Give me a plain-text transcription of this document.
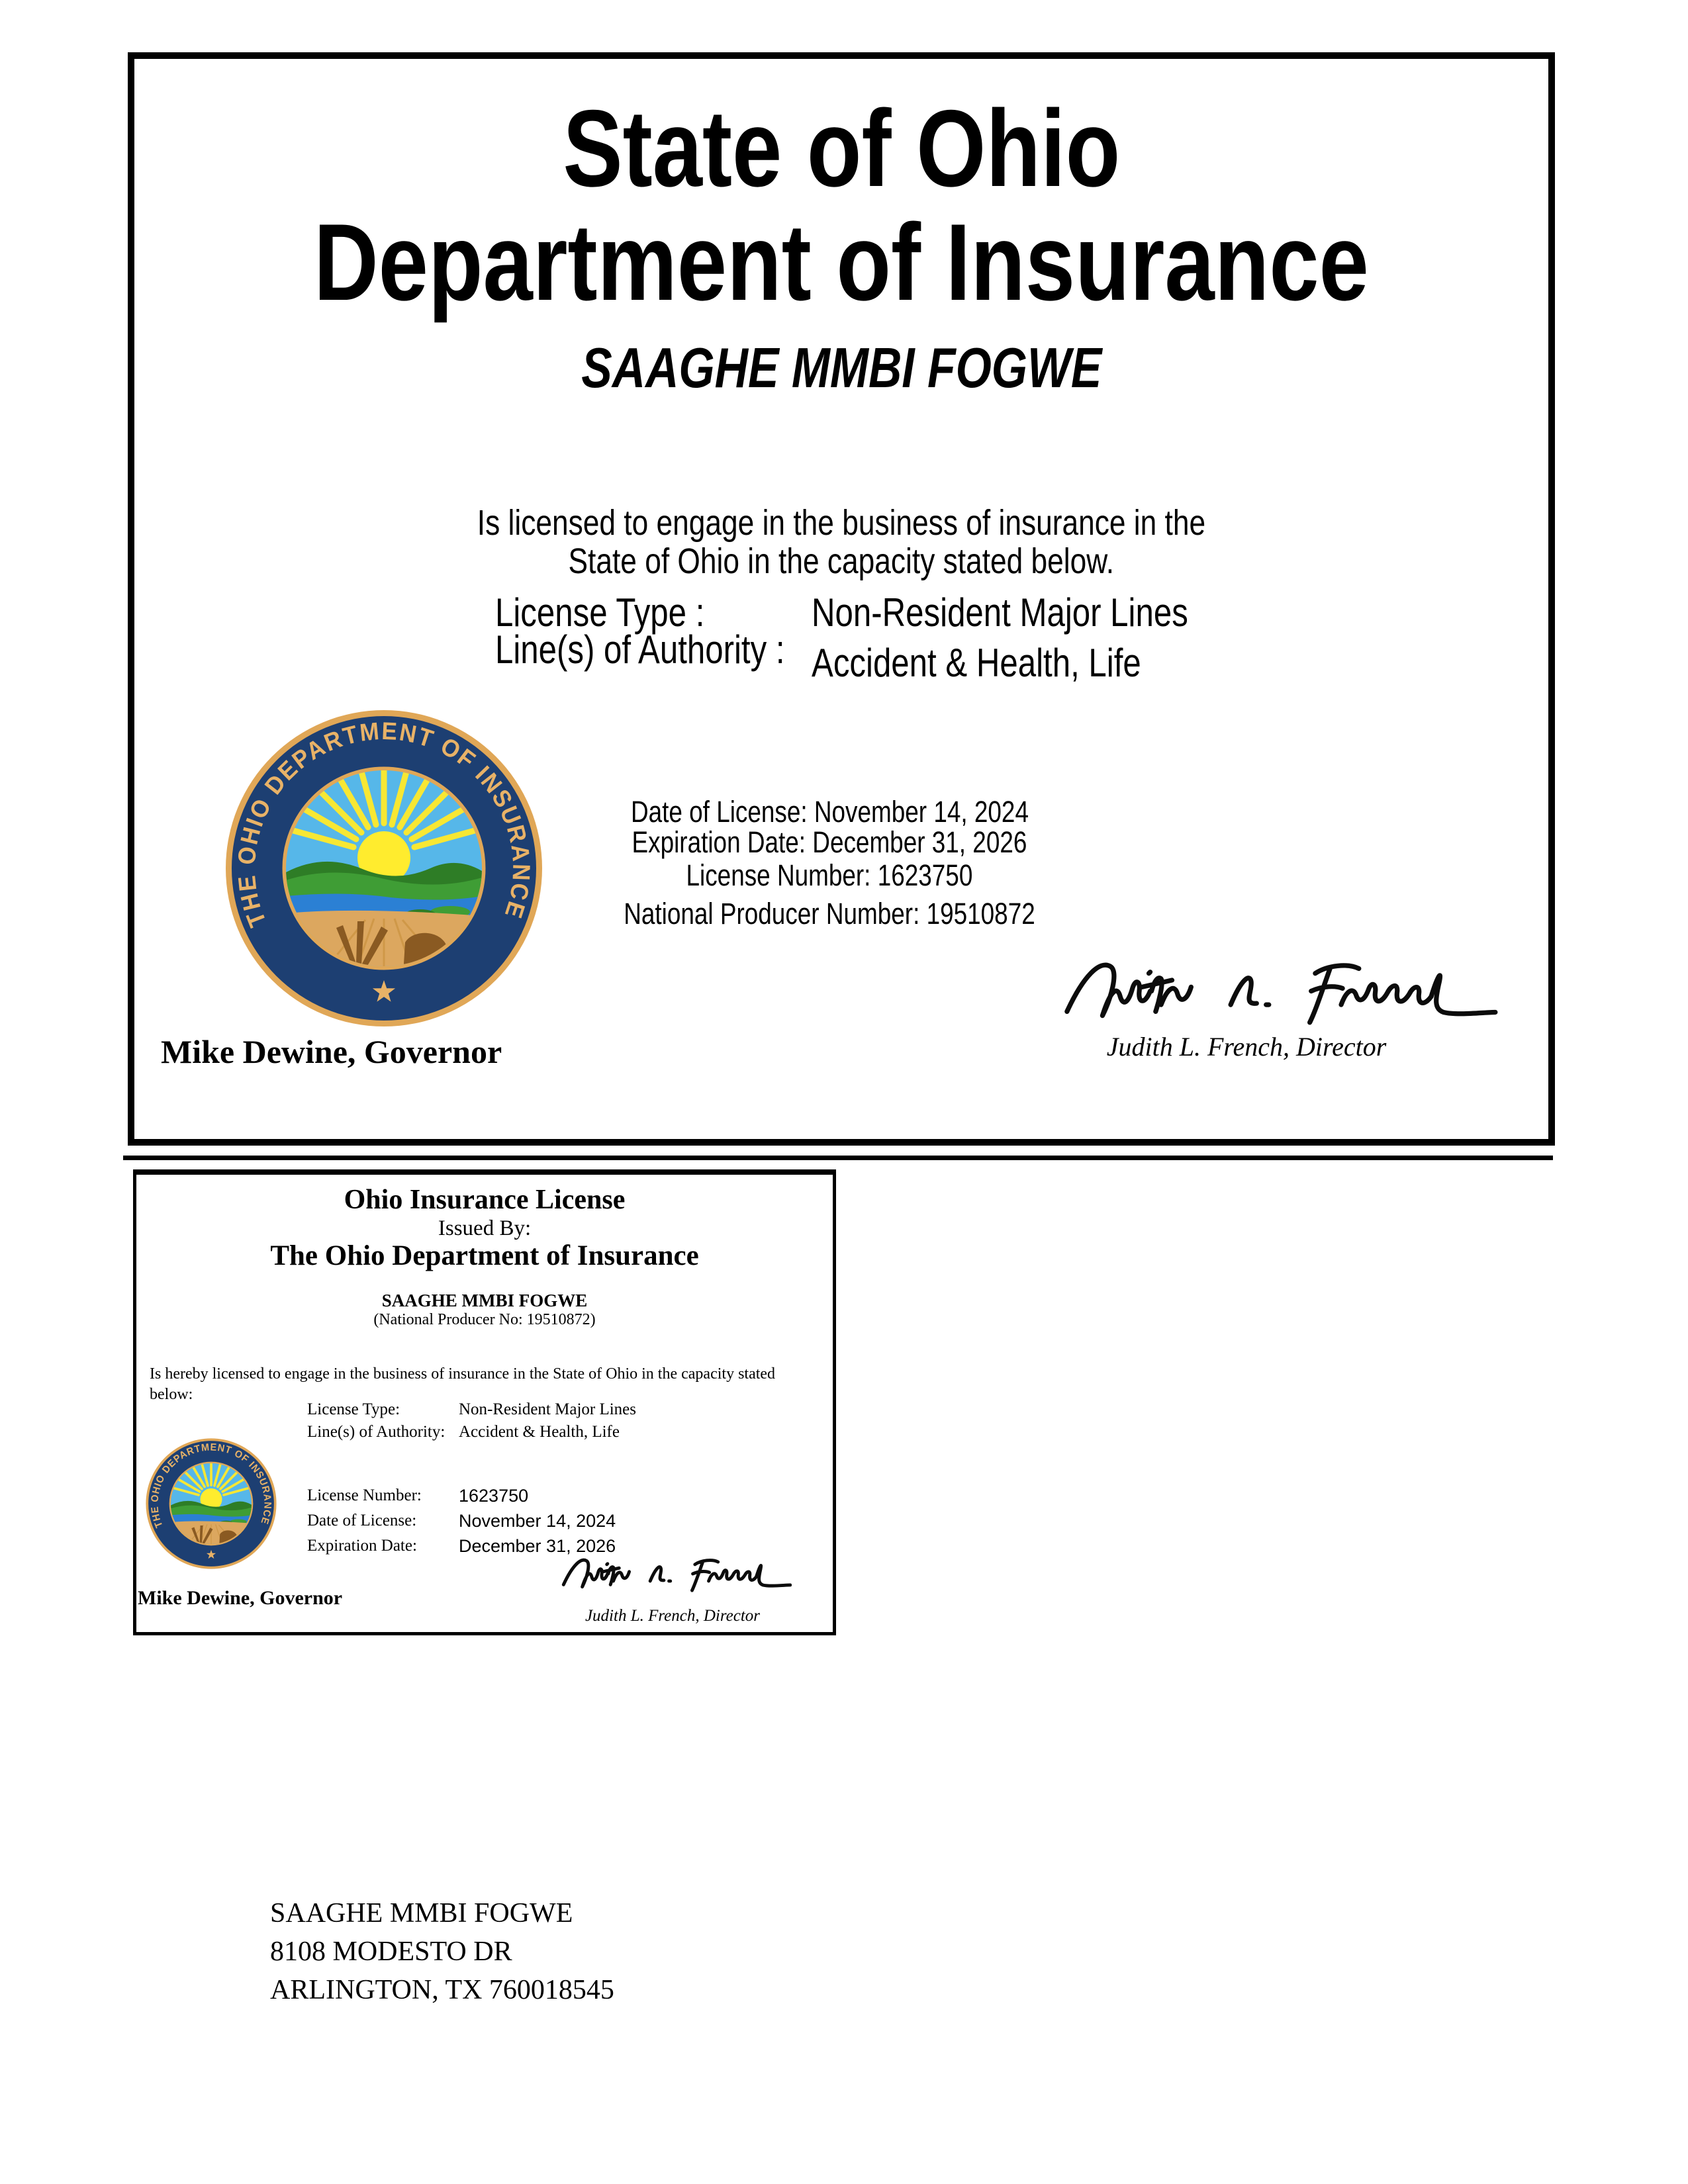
State of Ohio
Department of Insurance
SAAGHE MMBI FOGWE
Is licensed to engage in the business of insurance in the
State of Ohio in the capacity stated below.
License Type :	Non-Resident Major Lines
Line(s) of Authority : Accident & Health, Life
Date of License: November 14, 2024
Expiration Date: December 31, 2026
License Number: 1623750
National Producer Number: 19510872
Mike Dewine, Governor	Judith L. French, Director
Ohio Insurance License
Issued By:
The Ohio Department of Insurance
SAAGHE MMBI FOGWE
(National Producer No: 19510872)
Is hereby licensed to engage in the business of insurance in the State of Ohio in the capacity stated
below:
License Type:	Non-Resident Major Lines
Line(s) of Authority: Accident & Health, Life
License Number: 1623750
Date of License: November 14, 2024
Expiration Date: December 31, 2026
Mike Dewine, Governor
Judith L. French, Director
SAAGHE MMBI FOGWE
8108 MODESTO DR
ARLINGTON, TX 760018545
